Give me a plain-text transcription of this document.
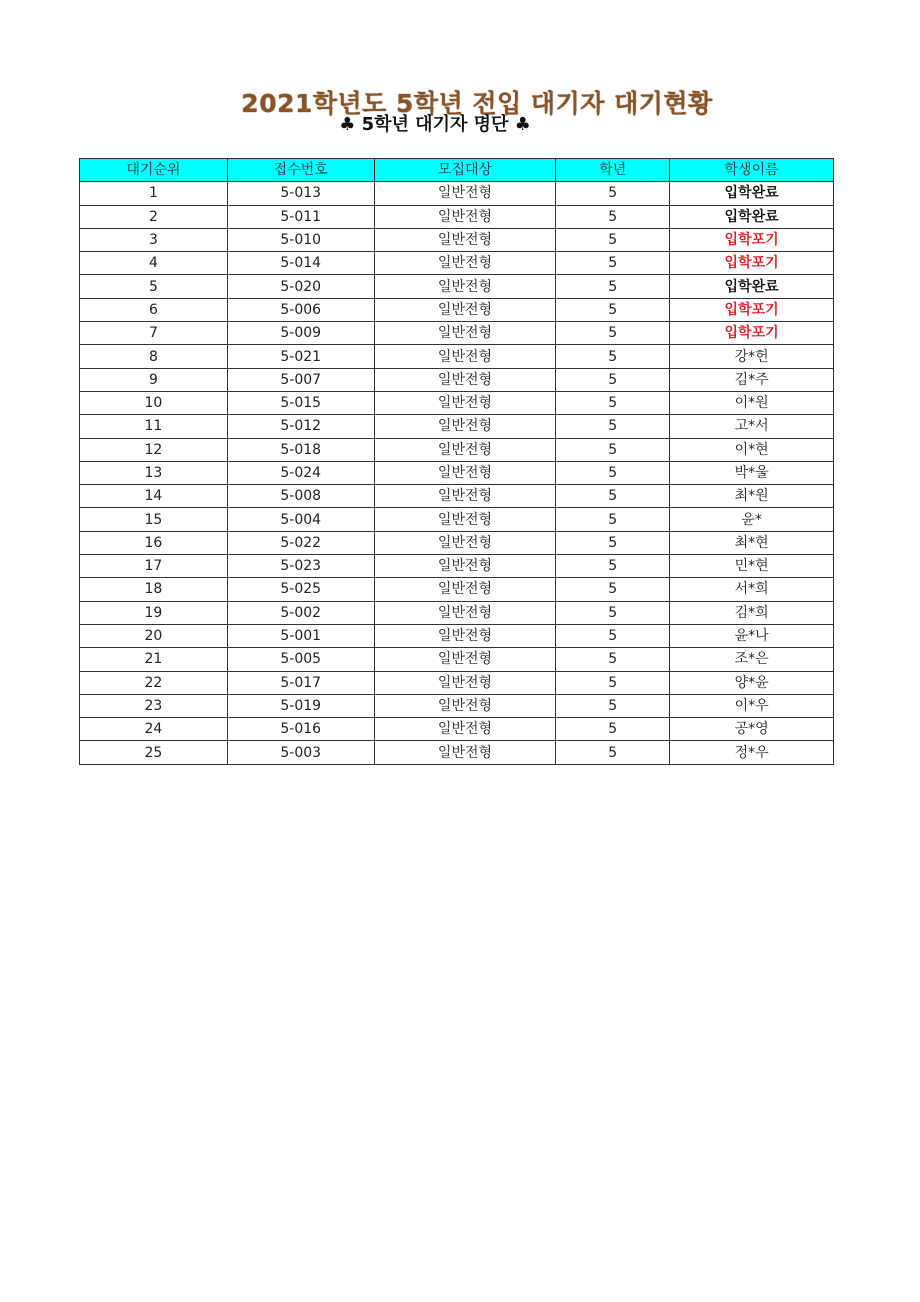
2021학년도 5학년 전입 대기자 대기현황
♣ 5학년 대기자 명단 ♣
대기순위	접수번호	모집대상	학년	학생이름
1	5-013	일반전형	5	입학완료
2	5-011	일반전형	5	입학완료
3	5-010	일반전형	5	입학포기
4	5-014	일반전형	5	입학포기
5	5-020	일반전형	5	입학완료
6	5-006	일반전형	5	입학포기
7	5-009	일반전형	5	입학포기
8	5-021	일반전형	5	강*헌
9	5-007	일반전형	5	김*주
10	5-015	일반전형	5	이*원
11	5-012	일반전형	5	고*서
12	5-018	일반전형	5	이*현
13	5-024	일반전형	5	박*울
14	5-008	일반전형	5	최*원
15	5-004	일반전형	5	윤*
16	5-022	일반전형	5	최*현
17	5-023	일반전형	5	민*현
18	5-025	일반전형	5	서*희
19	5-002	일반전형	5	김*희
20	5-001	일반전형	5	윤*나
21	5-005	일반전형	5	조*은
22	5-017	일반전형	5	양*윤
23	5-019	일반전형	5	이*우
24	5-016	일반전형	5	공*영
25	5-003	일반전형	5	정*우
